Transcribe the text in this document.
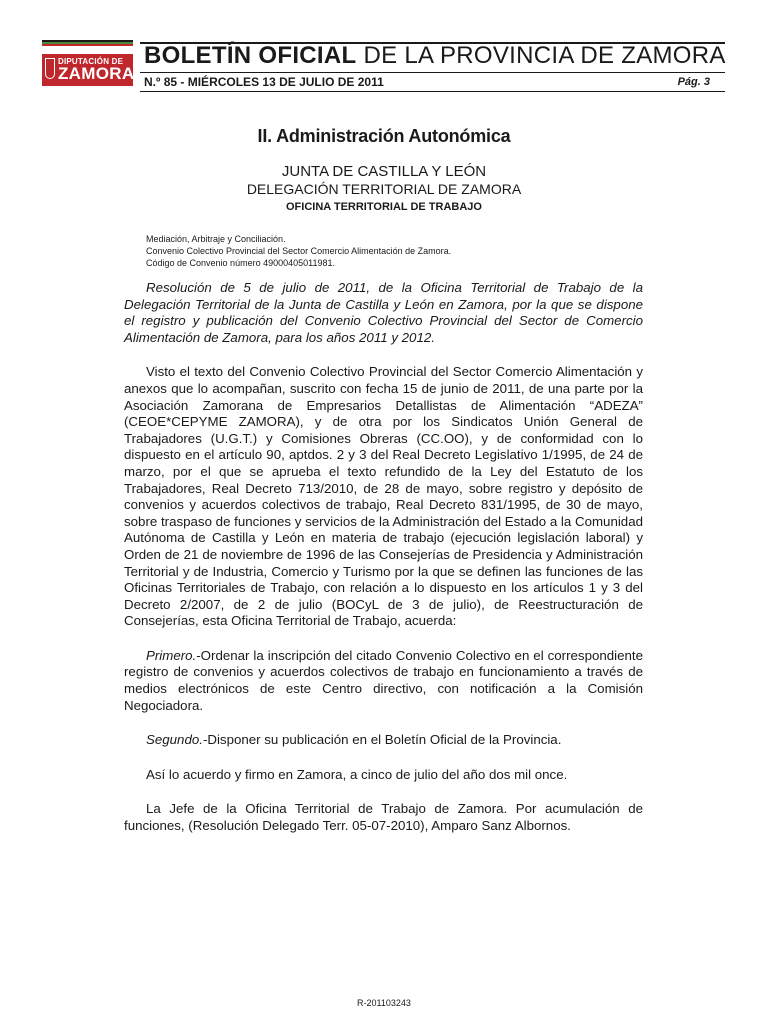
DIPUTACIÓN DE
ZAMORA
BOLETÍN OFICIAL DE LA PROVINCIA DE ZAMORA
N.º 85 - MIÉRCOLES 13 DE JULIO DE 2011	Pág. 3
II. Administración Autonómica
JUNTA DE CASTILLA Y LEÓN
DELEGACIÓN TERRITORIAL DE ZAMORA
OFICINA TERRITORIAL DE TRABAJO
Mediación, Arbitraje y Conciliación.
Convenio Colectivo Provincial del Sector Comercio Alimentación de Zamora.
Código de Convenio número 49000405011981.

Resolución de 5 de julio de 2011, de la Oficina Territorial de Trabajo de la Delegación Territorial de la Junta de Castilla y León en Zamora, por la que se dispone el registro y publicación del Convenio Colectivo Provincial del Sector de Comercio Alimentación de Zamora, para los años 2011 y 2012.

Visto el texto del Convenio Colectivo Provincial del Sector Comercio Alimentación y anexos que lo acompañan, suscrito con fecha 15 de junio de 2011, de una parte por la Asociación Zamorana de Empresarios Detallistas de Alimentación “ADEZA” (CEOE*CEPYME ZAMORA), y de otra por los Sindicatos Unión General de Trabajadores (U.G.T.) y Comisiones Obreras (CC.OO), y de conformidad con lo dispuesto en el artículo 90, aptdos. 2 y 3 del Real Decreto Legislativo 1/1995, de 24 de marzo, por el que se aprueba el texto refundido de la Ley del Estatuto de los Trabajadores, Real Decreto 713/2010, de 28 de mayo, sobre registro y depósito de convenios y acuerdos colectivos de trabajo, Real Decreto 831/1995, de 30 de mayo, sobre traspaso de funciones y servicios de la Administración del Estado a la Comunidad Autónoma de Castilla y León en materia de trabajo (ejecución legislación laboral) y Orden de 21 de noviembre de 1996 de las Consejerías de Presidencia y Administración Territorial y de Industria, Comercio y Turismo por la que se definen las funciones de las Oficinas Territoriales de Trabajo, con relación a lo dispuesto en los artículos 1 y 3 del Decreto 2/2007, de 2 de julio (BOCyL de 3 de julio), de Reestructuración de Consejerías, esta Oficina Territorial de Trabajo, acuerda:

Primero.-Ordenar la inscripción del citado Convenio Colectivo en el correspondiente registro de convenios y acuerdos colectivos de trabajo en funcionamiento a través de medios electrónicos de este Centro directivo, con notificación a la Comisión Negociadora.

Segundo.-Disponer su publicación en el Boletín Oficial de la Provincia.

Así lo acuerdo y firmo en Zamora, a cinco de julio del año dos mil once.

La Jefe de la Oficina Territorial de Trabajo de Zamora. Por acumulación de funciones, (Resolución Delegado Terr. 05-07-2010), Amparo Sanz Albornos.

R-201103243
